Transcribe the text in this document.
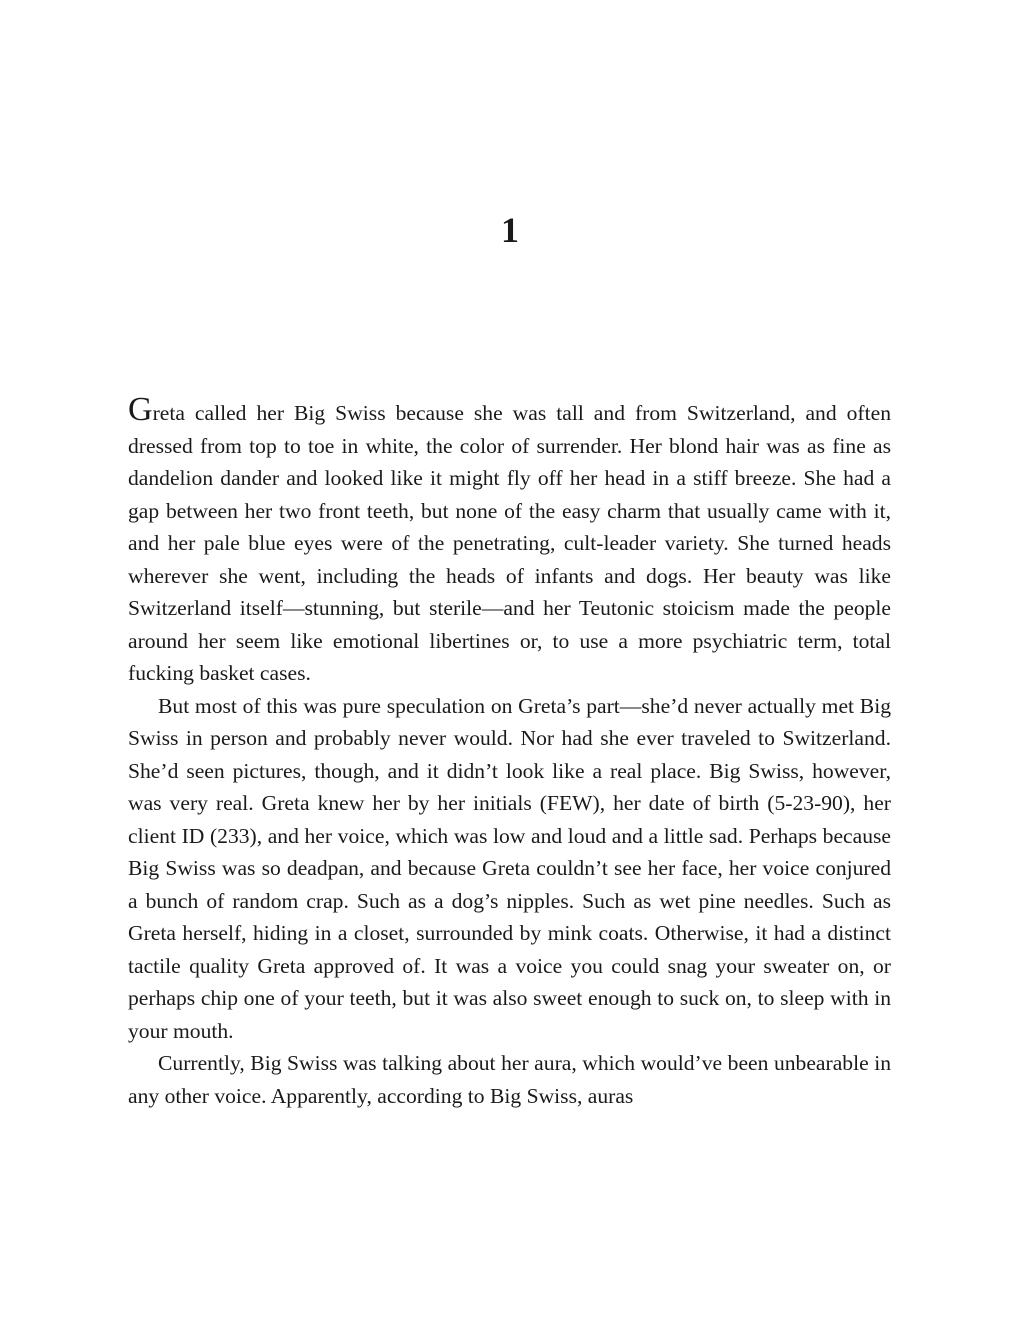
1

Greta called her Big Swiss because she was tall and from Switzerland, and often dressed from top to toe in white, the color of surrender. Her blond hair was as fine as dandelion dander and looked like it might fly off her head in a stiff breeze. She had a gap between her two front teeth, but none of the easy charm that usually came with it, and her pale blue eyes were of the penetrating, cult-leader variety. She turned heads wherever she went, including the heads of infants and dogs. Her beauty was like Switzerland itself—stunning, but sterile—and her Teutonic stoicism made the people around her seem like emotional libertines or, to use a more psychiatric term, total fucking basket cases.

But most of this was pure speculation on Greta’s part—she’d never actually met Big Swiss in person and probably never would. Nor had she ever traveled to Switzerland. She’d seen pictures, though, and it didn’t look like a real place. Big Swiss, however, was very real. Greta knew her by her initials (FEW), her date of birth (5-23-90), her client ID (233), and her voice, which was low and loud and a little sad. Perhaps because Big Swiss was so deadpan, and because Greta couldn’t see her face, her voice conjured a bunch of random crap. Such as a dog’s nipples. Such as wet pine needles. Such as Greta herself, hiding in a closet, surrounded by mink coats. Otherwise, it had a distinct tactile quality Greta approved of. It was a voice you could snag your sweater on, or perhaps chip one of your teeth, but it was also sweet enough to suck on, to sleep with in your mouth.

Currently, Big Swiss was talking about her aura, which would’ve been unbearable in any other voice. Apparently, according to Big Swiss, auras
